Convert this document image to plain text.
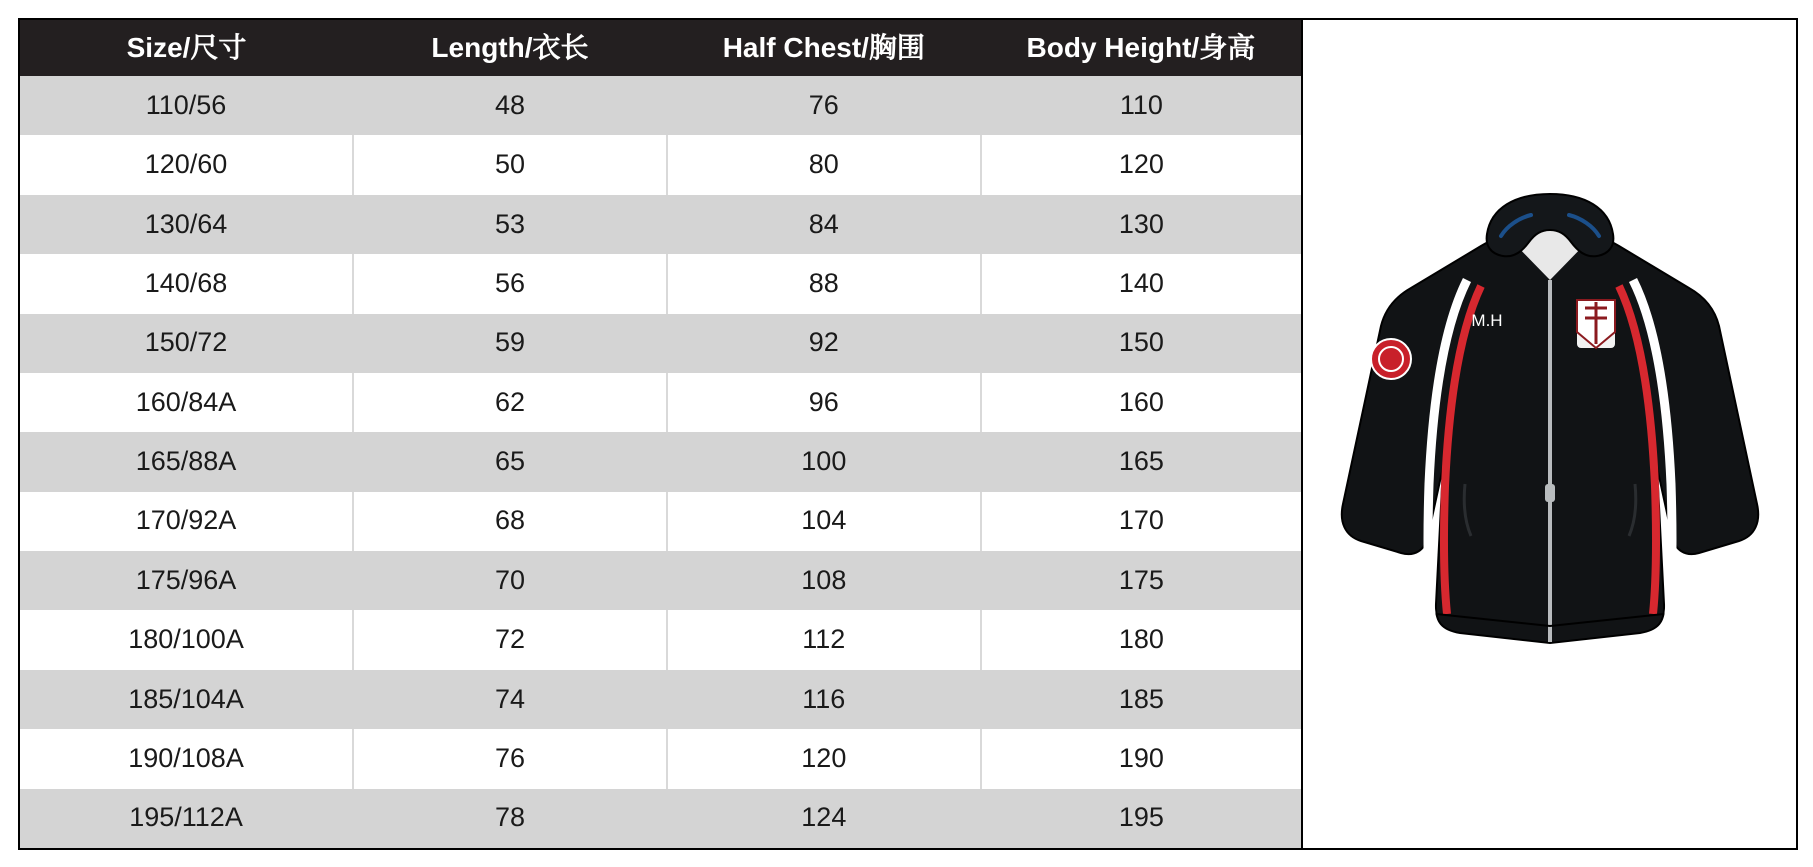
Size/尺寸	Length/衣长	Half Chest/胸围	Body Height/身高
110/56	48	76	110
120/60	50	80	120
130/64	53	84	130
140/68	56	88	140
150/72	59	92	150
160/84A	62	96	160
165/88A	65	100	165
170/92A	68	104	170
175/96A	70	108	175
180/100A	72	112	180
185/104A	74	116	185
190/108A	76	120	190
195/112A	78	124	195
M.H
